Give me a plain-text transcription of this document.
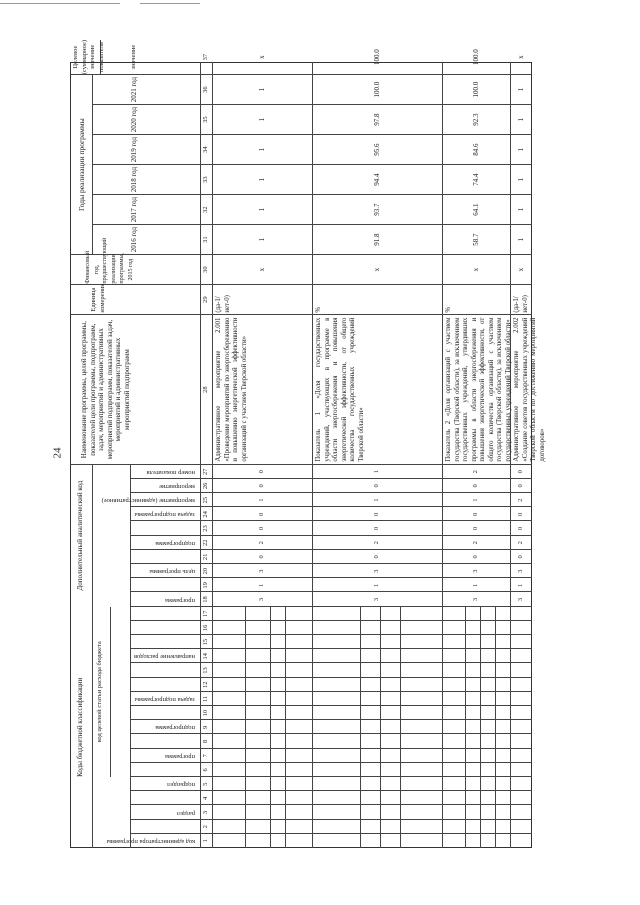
24
Коды бюджетной классификации
Дополнительный аналитический код
код целевой статьи расхода бюджета
Годы реализации программы
Целевое (суммарное) значение показателя	значение
Наименование программы, целей программы, показателей цели программы, подпрограмм, задач, мероприятий и административных мероприятий подпрограмм, показателей задач, мероприятий и административных мероприятий подпрограмм
Единица измерения
Финансовый год, предшествующий реализации программы, 2015 год
код администратора программы
раздел
подраздел
программа
подпрограмма
задача подпрограммы
направление расходов
программа
цель программы
подпрограмма
задача подпрограммы
мероприятие (административное)
мероприятие
номер показателя
2016 год
2017 год
2018 год
2019 год
2020 год
2021 год
1
2
3
4
5
6
7
8
9
10
11
12
13
14
15
16
17
18
19
20
21
22
23
24
25
26
27
28
29
30
31
32
33
34
35
36
37
Административное мероприятие 2.001 «Проведение мероприятий по энергосбережению и повышению энергетической эффективности организаций с участием Тверской области»
(да-1/ нет-0)
х
1
1
1
1
1
1
х
3
1
3
0
2
0
0
1
0
0
Показатель 1 «Доля государственных учреждений, участвующих в программе в области энергосбережения и повышения энергетической эффективности, от общего количества государственных учреждений Тверской области»
%
х
91.8
93.7
94.4
95.6
97.8
100.0
100.0
3
1
3
0
2
0
0
1
0
1
Показатель 2 «Доля организаций с участием государства (Тверской области), за исключением государственных учреждений, утвердивших программы в области энергосбережения и повышения энергетической эффективности, от общего количества организаций с участием государства (Тверской области), за исключением государственных учреждений Тверской области»
%
х
58.7
64.1
74.4
84.6
92.3
100.0
100.0
3
1
3
0
2
0
0
1
0
2
Административное мероприятие 2.002 «Создание советов государственных учреждений Тверской области по достижению мероприятий договоров»
(да-1/ нет-0)
х
1
1
1
1
1
1
х
3
1
3
0
2
0
0
2
0
0
